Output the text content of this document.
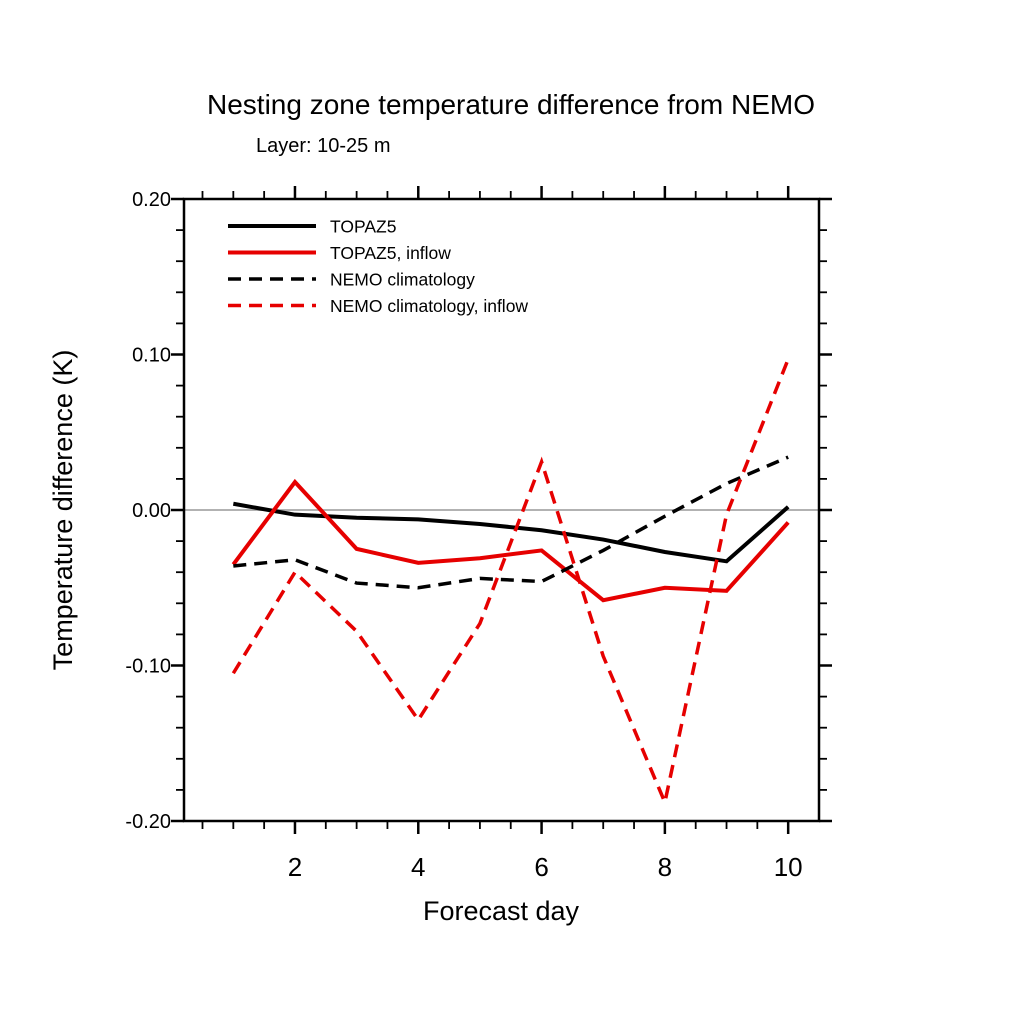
Nesting zone temperature difference from NEMO
Layer: 10-25 m
Forecast day
Temperature difference (K)
2	4	6	8	10
-0.20
-0.10
0.00
0.10
0.20
TOPAZ5
TOPAZ5, inflow
NEMO climatology
NEMO climatology, inflow
